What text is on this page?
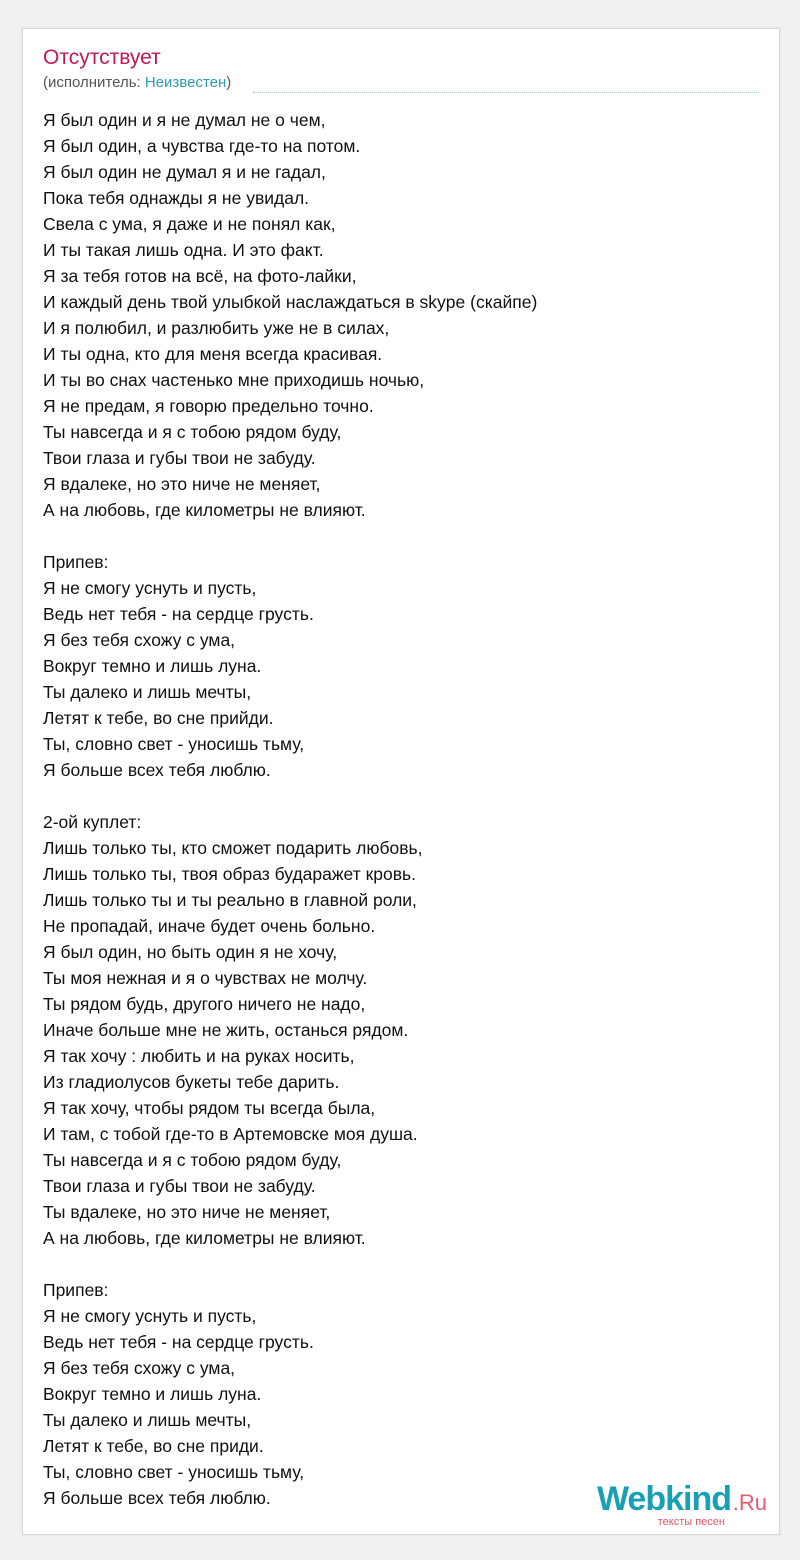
Отсутствует
(исполнитель: Неизвестен)
Я был один и я не думал не о чем,
Я был один, а чувства где-то на потом.
Я был один не думал я и не гадал,
Пока тебя однажды я не увидал.
Свела с ума, я даже и не понял как,
И ты такая лишь одна. И это факт.
Я за тебя готов на всё, на фото-лайки,
И каждый день твой улыбкой наслаждаться в skype (скайпе)
И я полюбил, и разлюбить уже не в силах,
И ты одна, кто для меня всегда красивая.
И ты во снах частенько мне приходишь ночью,
Я не предам, я говорю предельно точно.
Ты навсегда и я с тобою рядом буду,
Твои глаза и губы твои не забуду.
Я вдалеке, но это ниче не меняет,
А на любовь, где километры не влияют.
Припев:
Я не смогу уснуть и пусть,
Ведь нет тебя - на сердце грусть.
Я без тебя схожу с ума,
Вокруг темно и лишь луна.
Ты далеко и лишь мечты,
Летят к тебе, во сне прийди.
Ты, словно свет - уносишь тьму,
Я больше всех тебя люблю.
2-ой куплет:
Лишь только ты, кто сможет подарить любовь,
Лишь только ты, твоя образ бударажет кровь.
Лишь только ты и ты реально в главной роли,
Не пропадай, иначе будет очень больно.
Я был один, но быть один я не хочу,
Ты моя нежная и я о чувствах не молчу.
Ты рядом будь, другого ничего не надо,
Иначе больше мне не жить, останься рядом.
Я так хочу : любить и на руках носить,
Из гладиолусов букеты тебе дарить.
Я так хочу, чтобы рядом ты всегда была,
И там, с тобой где-то в Артемовске моя душа.
Ты навсегда и я с тобою рядом буду,
Твои глаза и губы твои не забуду.
Ты вдалеке, но это ниче не меняет,
А на любовь, где километры не влияют.
Припев:
Я не смогу уснуть и пусть,
Ведь нет тебя - на сердце грусть.
Я без тебя схожу с ума,
Вокруг темно и лишь луна.
Ты далеко и лишь мечты,
Летят к тебе, во сне приди.
Ты, словно свет - уносишь тьму,
Я больше всех тебя люблю.	Webkind .Ru
тексты песен
